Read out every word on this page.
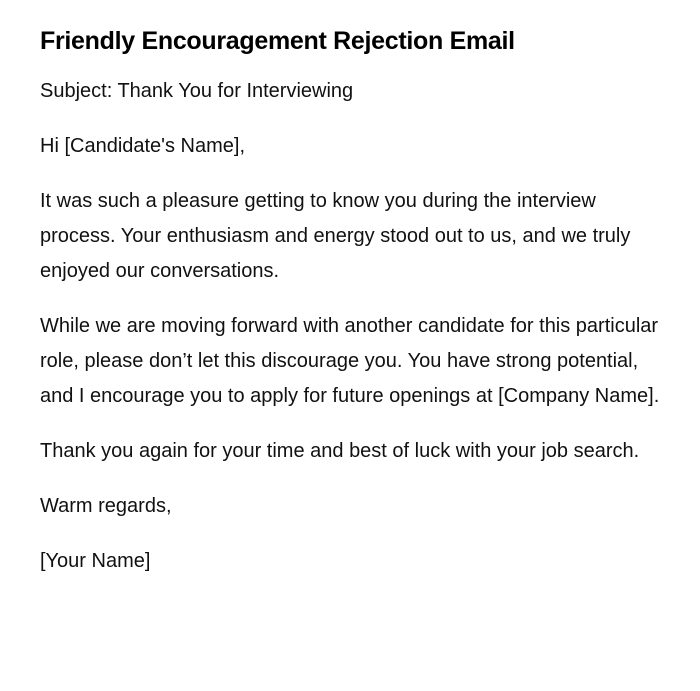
Friendly Encouragement Rejection Email

Subject: Thank You for Interviewing

Hi [Candidate's Name],

It was such a pleasure getting to know you during the interview process. Your enthusiasm and energy stood out to us, and we truly enjoyed our conversations.

While we are moving forward with another candidate for this particular role, please don’t let this discourage you. You have strong potential, and I encourage you to apply for future openings at [Company Name].

Thank you again for your time and best of luck with your job search.

Warm regards,

[Your Name]
